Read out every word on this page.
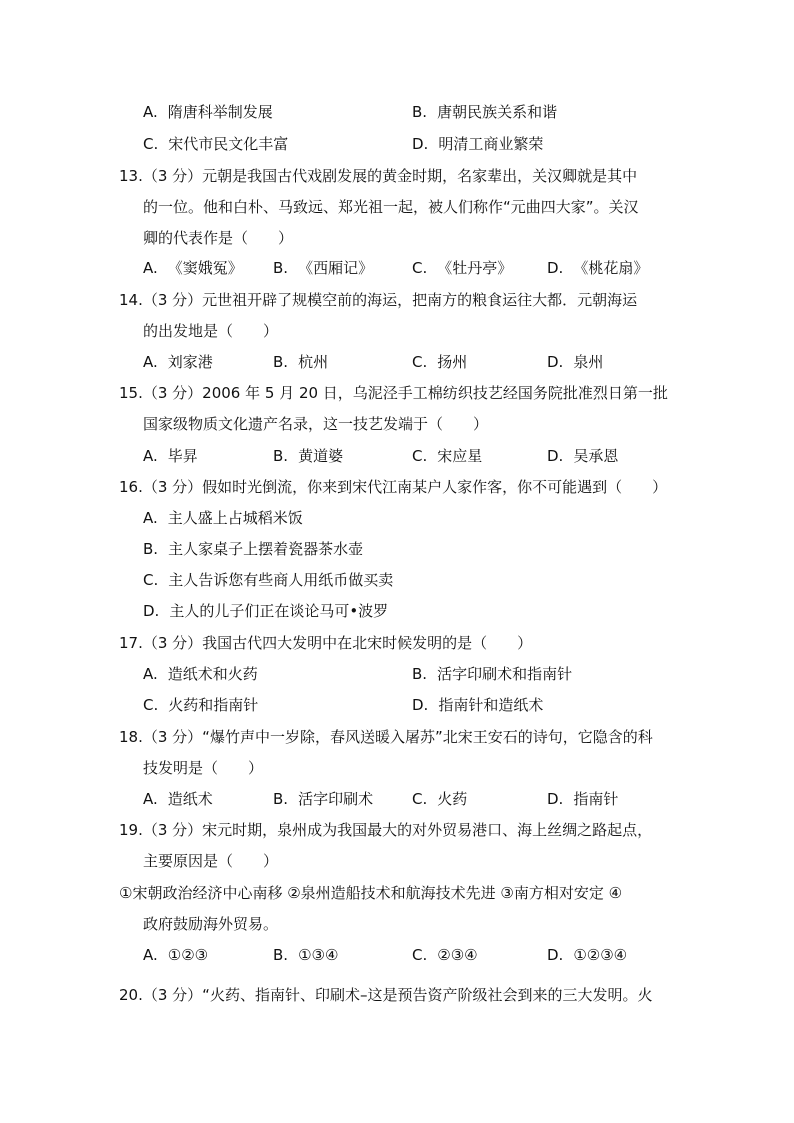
A. 隋唐科举制发展	B. 唐朝民族关系和谐
C. 宋代市民文化丰富	D. 明清工商业繁荣
13.（3 分）元朝是我国古代戏剧发展的黄金时期，名家辈出，关汉卿就是其中
的一位。他和白朴、马致远、郑光祖一起，被人们称作“元曲四大家”。关汉
卿的代表作是（　　）
A. 《窦娥冤》 B. 《西厢记》	C. 《牡丹亭》 D. 《桃花扇》
14.（3 分）元世祖开辟了规模空前的海运，把南方的粮食运往大都．元朝海运
的出发地是（　　）
A. 刘家港	B. 杭州	C. 扬州	D. 泉州
15.（3 分）2006 年 5 月 20 日，乌泥泾手工棉纺织技艺经国务院批准烈日第一批
国家级物质文化遗产名录，这一技艺发端于（　　）
A. 毕昇	B. 黄道婆	C. 宋应星	D. 吴承恩
16.（3 分）假如时光倒流，你来到宋代江南某户人家作客，你不可能遇到（　　）
A. 主人盛上占城稻米饭
B. 主人家桌子上摆着瓷器茶水壶
C. 主人告诉您有些商人用纸币做买卖
D. 主人的儿子们正在谈论马可•波罗
17.（3 分）我国古代四大发明中在北宋时候发明的是（　　）
A. 造纸术和火药	B. 活字印刷术和指南针
C. 火药和指南针	D. 指南针和造纸术
18.（3 分）“爆竹声中一岁除，春风送暖入屠苏”北宋王安石的诗句，它隐含的科
技发明是（　　）
A. 造纸术	B. 活字印刷术	C. 火药	D. 指南针
19.（3 分）宋元时期，泉州成为我国最大的对外贸易港口、海上丝绸之路起点，
主要原因是（　　）
①宋朝政治经济中心南移 ②泉州造船技术和航海技术先进 ③南方相对安定 ④
政府鼓励海外贸易。
A. ①②③	B. ①③④	C. ②③④	D. ①②③④
20.（3 分）“火药、指南针、印刷术–这是预告资产阶级社会到来的三大发明。火
